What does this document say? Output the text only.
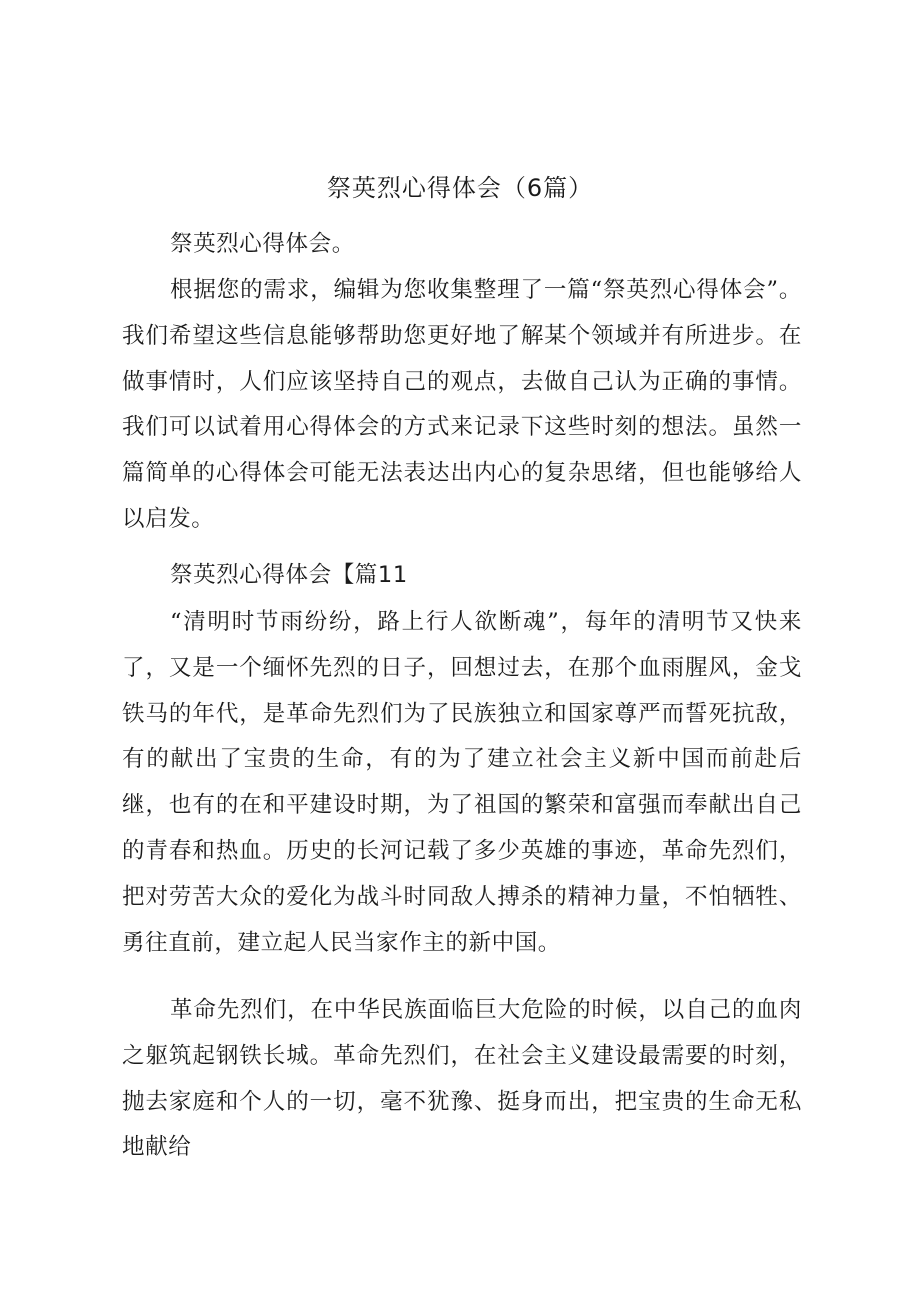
祭英烈心得体会（6篇）

祭英烈心得体会。

根据您的需求，编辑为您收集整理了一篇“祭英烈心得体会”。我们希望这些信息能够帮助您更好地了解某个领域并有所进步。在做事情时，人们应该坚持自己的观点，去做自己认为正确的事情。我们可以试着用心得体会的方式来记录下这些时刻的想法。虽然一篇简单的心得体会可能无法表达出内心的复杂思绪，但也能够给人以启发。

祭英烈心得体会【篇11

“清明时节雨纷纷，路上行人欲断魂”，每年的清明节又快来了，又是一个缅怀先烈的日子，回想过去，在那个血雨腥风，金戈铁马的年代，是革命先烈们为了民族独立和国家尊严而誓死抗敌，有的献出了宝贵的生命，有的为了建立社会主义新中国而前赴后继，也有的在和平建设时期，为了祖国的繁荣和富强而奉献出自己的青春和热血。历史的长河记载了多少英雄的事迹，革命先烈们，把对劳苦大众的爱化为战斗时同敌人搏杀的精神力量，不怕牺牲、勇往直前，建立起人民当家作主的新中国。

革命先烈们，在中华民族面临巨大危险的时候，以自己的血肉之躯筑起钢铁长城。革命先烈们，在社会主义建设最需要的时刻，抛去家庭和个人的一切，毫不犹豫、挺身而出，把宝贵的生命无私地献给
